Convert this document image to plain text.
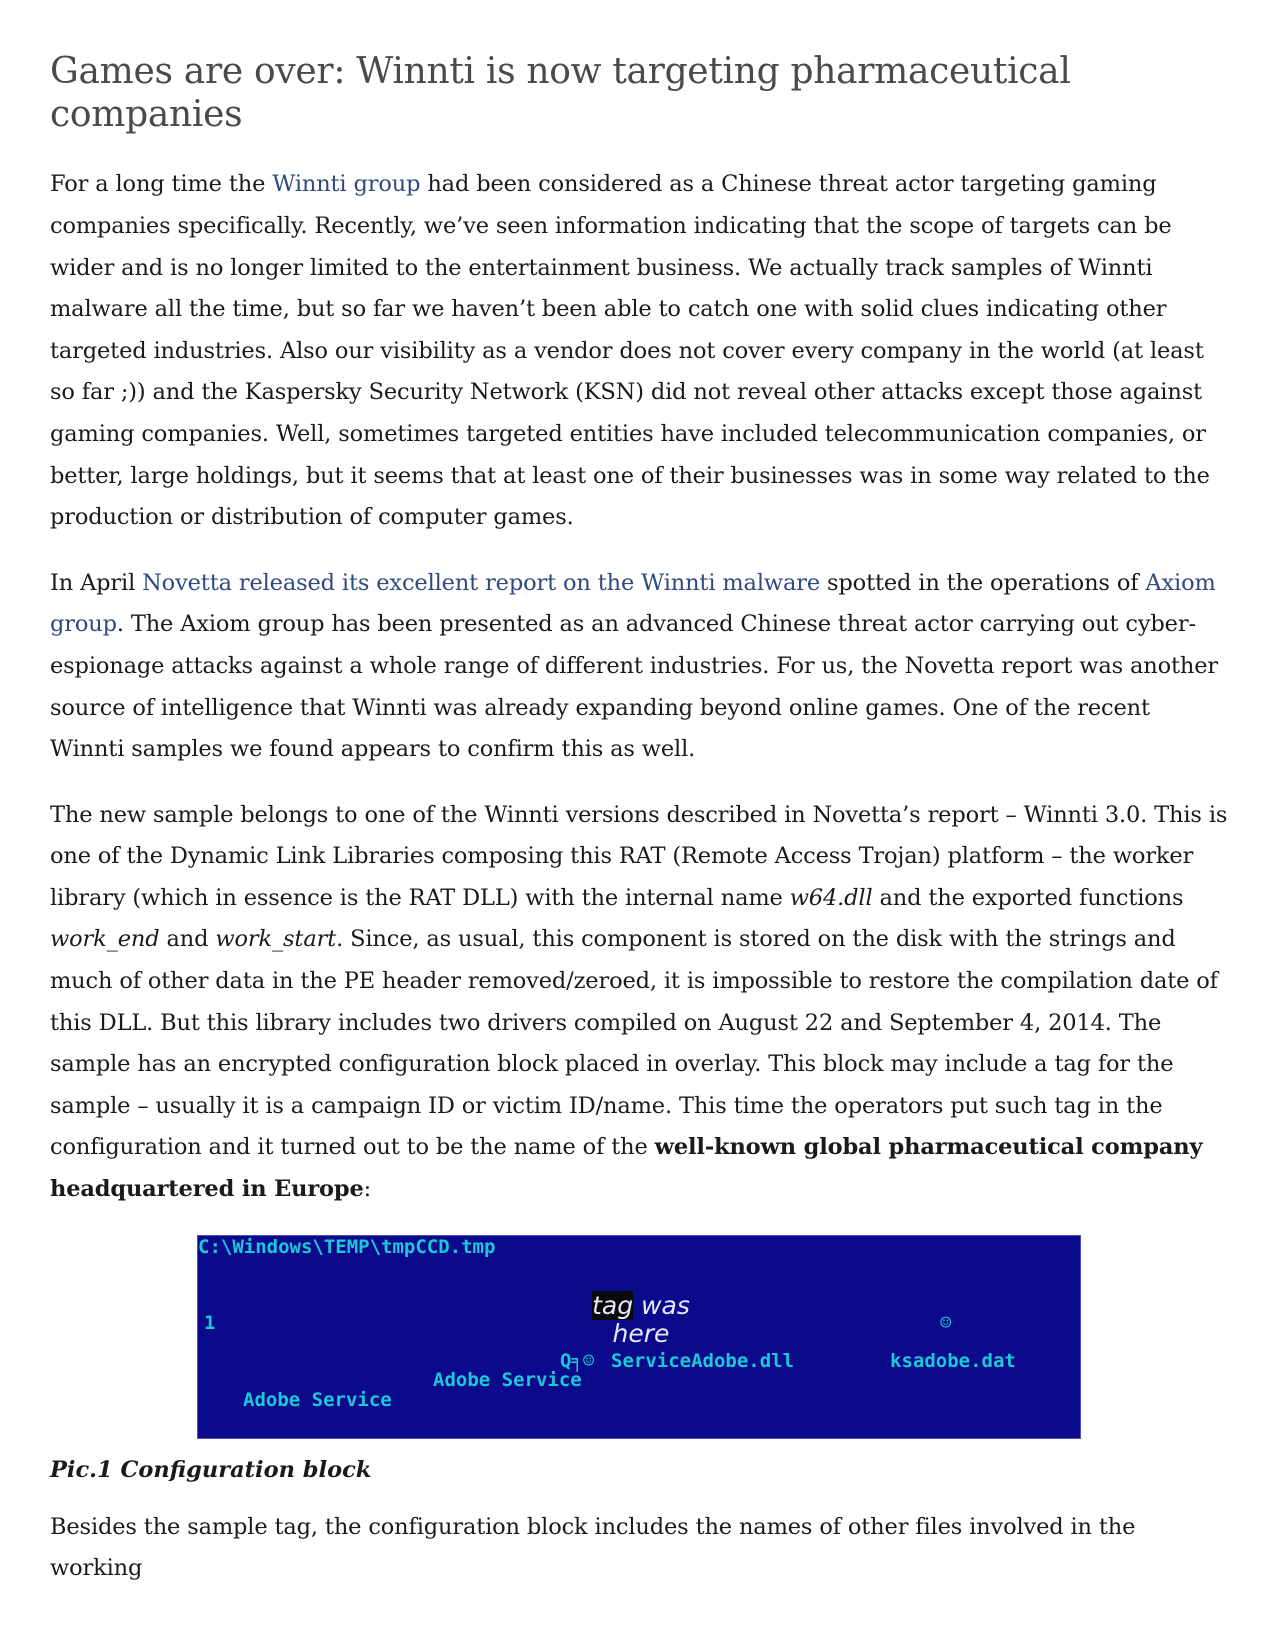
Games are over: Winnti is now targeting pharmaceutical companies

For a long time the Winnti group had been considered as a Chinese threat actor targeting gaming companies specifically. Recently, we’ve seen information indicating that the scope of targets can be wider and is no longer limited to the entertainment business. We actually track samples of Winnti malware all the time, but so far we haven’t been able to catch one with solid clues indicating other targeted industries. Also our visibility as a vendor does not cover every company in the world (at least so far ;)) and the Kaspersky Security Network (KSN) did not reveal other attacks except those against gaming companies. Well, sometimes targeted entities have included telecommunication companies, or better, large holdings, but it seems that at least one of their businesses was in some way related to the production or distribution of computer games.

In April Novetta released its excellent report on the Winnti malware spotted in the operations of Axiom group. The Axiom group has been presented as an advanced Chinese threat actor carrying out cyber-espionage attacks against a whole range of different industries. For us, the Novetta report was another source of intelligence that Winnti was already expanding beyond online games. One of the recent Winnti samples we found appears to confirm this as well.

The new sample belongs to one of the Winnti versions described in Novetta’s report – Winnti 3.0. This is one of the Dynamic Link Libraries composing this RAT (Remote Access Trojan) platform – the worker library (which in essence is the RAT DLL) with the internal name w64.dll and the exported functions work_end and work_start. Since, as usual, this component is stored on the disk with the strings and much of other data in the PE header removed/zeroed, it is impossible to restore the compilation date of this DLL. But this library includes two drivers compiled on August 22 and September 4, 2014. The sample has an encrypted configuration block placed in overlay. This block may include a tag for the sample – usually it is a campaign ID or victim ID/name. This time the operators put such tag in the configuration and it turned out to be the name of the well-known global pharmaceutical company headquartered in Europe:

C:\Windows\TEMP\tmpCCD.tmp
1
tag was
here	☺
Q╕☺ ServiceAdobe.dll	ksadobe.dat
Adobe Service
Adobe Service
Pic.1 Configuration block

Besides the sample tag, the configuration block includes the names of other files involved in the working
